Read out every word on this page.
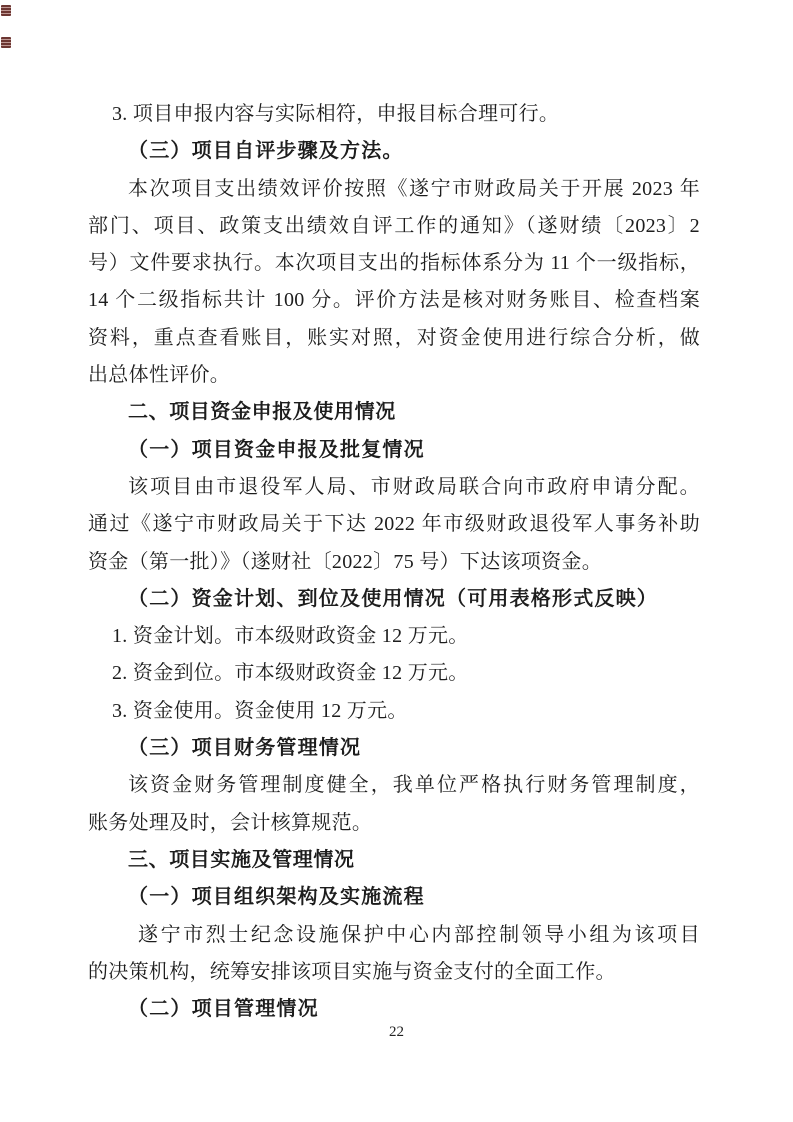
3. 项目申报内容与实际相符，申报目标合理可行。
（三）项目自评步骤及方法。
本次项目支出绩效评价按照《遂宁市财政局关于开展 2023 年
部门、项目、政策支出绩效自评工作的通知》（遂财绩〔2023〕2
号）文件要求执行。本次项目支出的指标体系分为 11 个一级指标，
14 个二级指标共计 100 分。评价方法是核对财务账目、检查档案
资料，重点查看账目，账实对照，对资金使用进行综合分析，做
出总体性评价。
二、项目资金申报及使用情况
（一）项目资金申报及批复情况
该项目由市退役军人局、市财政局联合向市政府申请分配。
通过《遂宁市财政局关于下达 2022 年市级财政退役军人事务补助
资金（第一批）》（遂财社〔2022〕75 号）下达该项资金。
（二）资金计划、到位及使用情况（可用表格形式反映）
1. 资金计划。市本级财政资金 12 万元。
2. 资金到位。市本级财政资金 12 万元。
3. 资金使用。资金使用 12 万元。
（三）项目财务管理情况
该资金财务管理制度健全，我单位严格执行财务管理制度，
账务处理及时，会计核算规范。
三、项目实施及管理情况
（一）项目组织架构及实施流程
遂宁市烈士纪念设施保护中心内部控制领导小组为该项目
的决策机构，统筹安排该项目实施与资金支付的全面工作。
（二）项目管理情况
22
